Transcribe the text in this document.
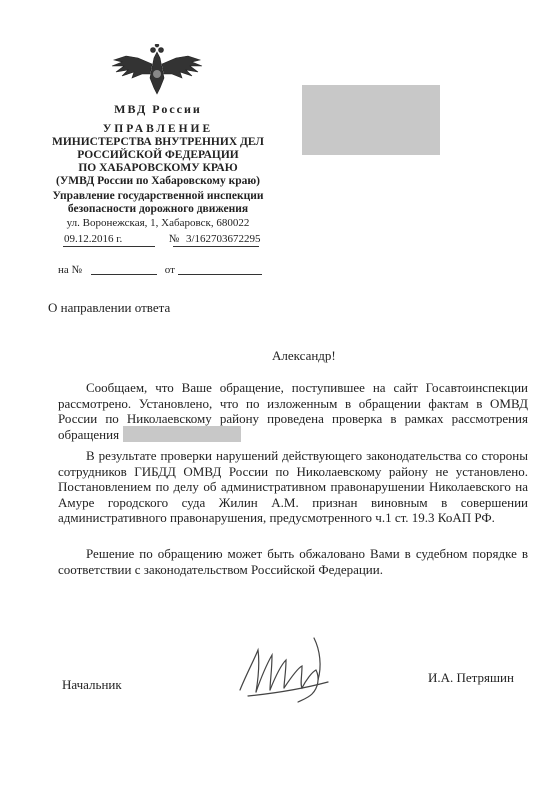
МВД России
УПРАВЛЕНИЕ
МИНИСТЕРСТВА ВНУТРЕННИХ ДЕЛ
РОССИЙСКОЙ ФЕДЕРАЦИИ
ПО ХАБАРОВСКОМУ КРАЮ
(УМВД России по Хабаровскому краю)
Управление государственной инспекции
безопасности дорожного движения
ул. Воронежская, 1, Хабаровск, 680022
09.12.2016 г.	№ 3/162703672295
на №	от
О направлении ответа
Александр!
Сообщаем, что Ваше обращение, поступившее на сайт Госавтоинспекции рассмотрено. Установлено, что по изложенным в обращении фактам в ОМВД России по Николаевскому району проведена проверка в рамках рассмотрения обращения
В результате проверки нарушений действующего законодательства со стороны сотрудников ГИБДД ОМВД России по Николаевскому району не установлено. Постановлением по делу об административном правонарушении Николаевского на Амуре городского суда Жилин А.М. признан виновным в совершении административного правонарушения, предусмотренного ч.1 ст. 19.3 КоАП РФ.
Решение по обращению может быть обжаловано Вами в судебном порядке в соответствии с законодательством Российской Федерации.
Начальник	И.А. Петряшин
